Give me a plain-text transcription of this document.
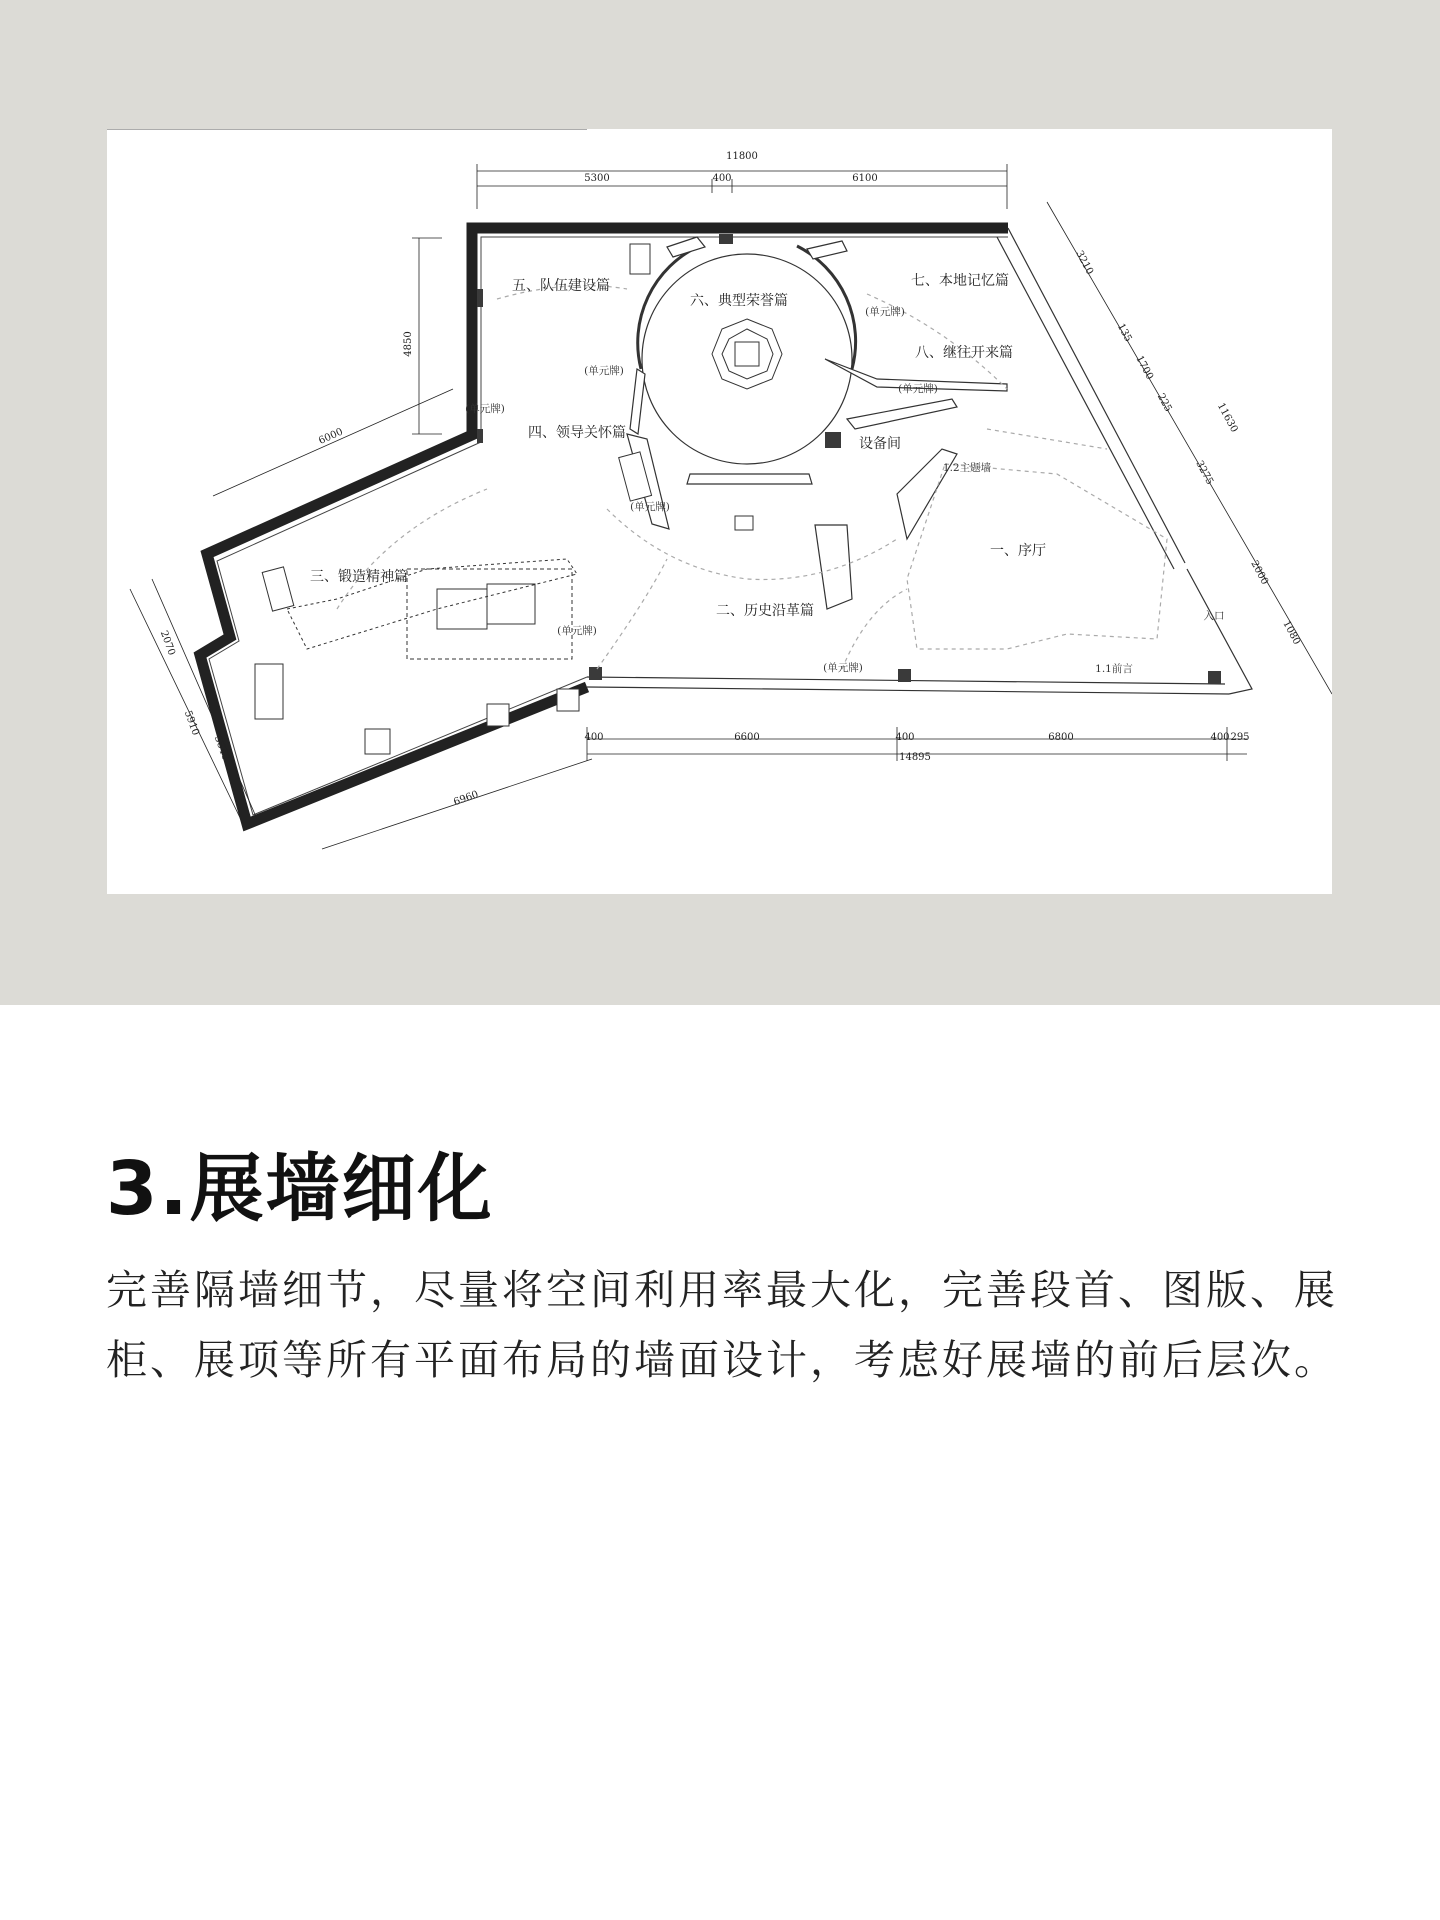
11800
5300	400	6100
4850
6000
2070
5910
3840
6960
400	6600	400	6800	400 295
14895
3210
135
1700
225
3275
2000
1080
11630
五、队伍建设篇
六、典型荣誉篇
七、本地记忆篇
八、继往开来篇
四、领导关怀篇
设备间
一、序厅
三、锻造精神篇
二、历史沿革篇
(单元牌)
(单元牌)
(单元牌)
(单元牌)
(单元牌)
(单元牌)
(单元牌)
1.2主题墙
1.1前言
入口
3.展墙细化

完善隔墙细节，尽量将空间利用率最大化，完善段首、图版、展柜、展项等所有平面布局的墙面设计，考虑好展墙的前后层次。
